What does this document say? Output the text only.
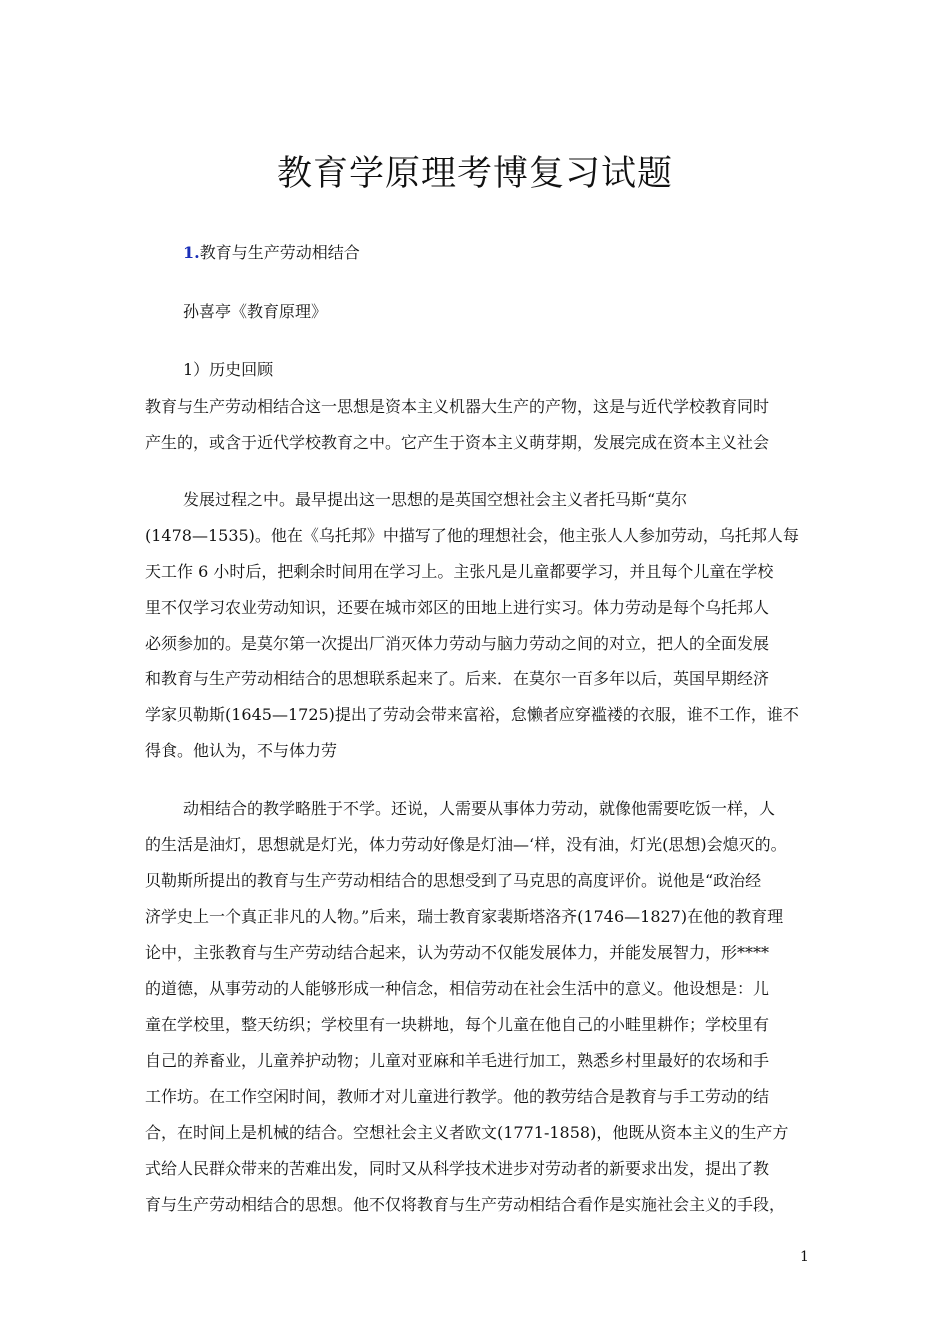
教育学原理考博复习试题
1.教育与生产劳动相结合
孙喜亭《教育原理》
1）历史回顾
教育与生产劳动相结合这一思想是资本主义机器大生产的产物，这是与近代学校教育同时
产生的，或含于近代学校教育之中。它产生于资本主义萌芽期，发展完成在资本主义社会
发展过程之中。最早提出这一思想的是英国空想社会主义者托马斯“莫尔
(1478—1535)。他在《乌托邦》中描写了他的理想社会，他主张人人参加劳动，乌托邦人每
天工作 6 小时后，把剩余时间用在学习上。主张凡是儿童都要学习，并且每个儿童在学校
里不仅学习农业劳动知识，还要在城市郊区的田地上进行实习。体力劳动是每个乌托邦人
必须参加的。是莫尔第一次提出厂消灭体力劳动与脑力劳动之间的对立，把人的全面发展
和教育与生产劳动相结合的思想联系起来了。后来．在莫尔一百多年以后，英国早期经济
学家贝勒斯(1645—1725)提出了劳动会带来富裕，怠懒者应穿褴褛的衣服，谁不工作，谁不
得食。他认为，不与体力劳
动相结合的教学略胜于不学。还说，人需要从事体力劳动，就像他需要吃饭一样，人
的生活是油灯，思想就是灯光，体力劳动好像是灯油—‘样，没有油，灯光(思想)会熄灭的。
贝勒斯所提出的教育与生产劳动相结合的思想受到了马克思的高度评价。说他是“政治经
济学史上一个真正非凡的人物。”后来，瑞士教育家裴斯塔洛齐(1746—1827)在他的教育理
论中，主张教育与生产劳动结合起来，认为劳动不仅能发展体力，并能发展智力，形****
的道德，从事劳动的人能够形成一种信念，相信劳动在社会生活中的意义。他设想是：儿
童在学校里，整天纺织；学校里有一块耕地，每个儿童在他自己的小畦里耕作；学校里有
自己的养畜业，儿童养护动物；儿童对亚麻和羊毛进行加工，熟悉乡村里最好的农场和手
工作坊。在工作空闲时间，教师才对儿童进行教学。他的教劳结合是教育与手工劳动的结
合，在时间上是机械的结合。空想社会主义者欧文(1771-1858)，他既从资本主义的生产方
式给人民群众带来的苦难出发，同时又从科学技术进步对劳动者的新要求出发，提出了教
育与生产劳动相结合的思想。他不仅将教育与生产劳动相结合看作是实施社会主义的手段，
1
